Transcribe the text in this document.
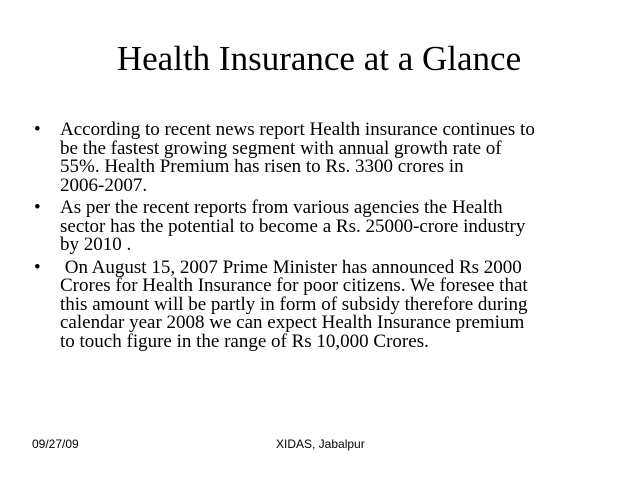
Health Insurance at a Glance
• According to recent news report Health insurance continues to
be the fastest growing segment with annual growth rate of
55%. Health Premium has risen to Rs. 3300 crores in
2006-2007.
• As per the recent reports from various agencies the Health
sector has the potential to become a Rs. 25000-crore industry
by 2010 .
• On August 15, 2007 Prime Minister has announced Rs 2000
Crores for Health Insurance for poor citizens. We foresee that
this amount will be partly in form of subsidy therefore during
calendar year 2008 we can expect Health Insurance premium
to touch figure in the range of Rs 10,000 Crores.
09/27/09	XIDAS, Jabalpur
